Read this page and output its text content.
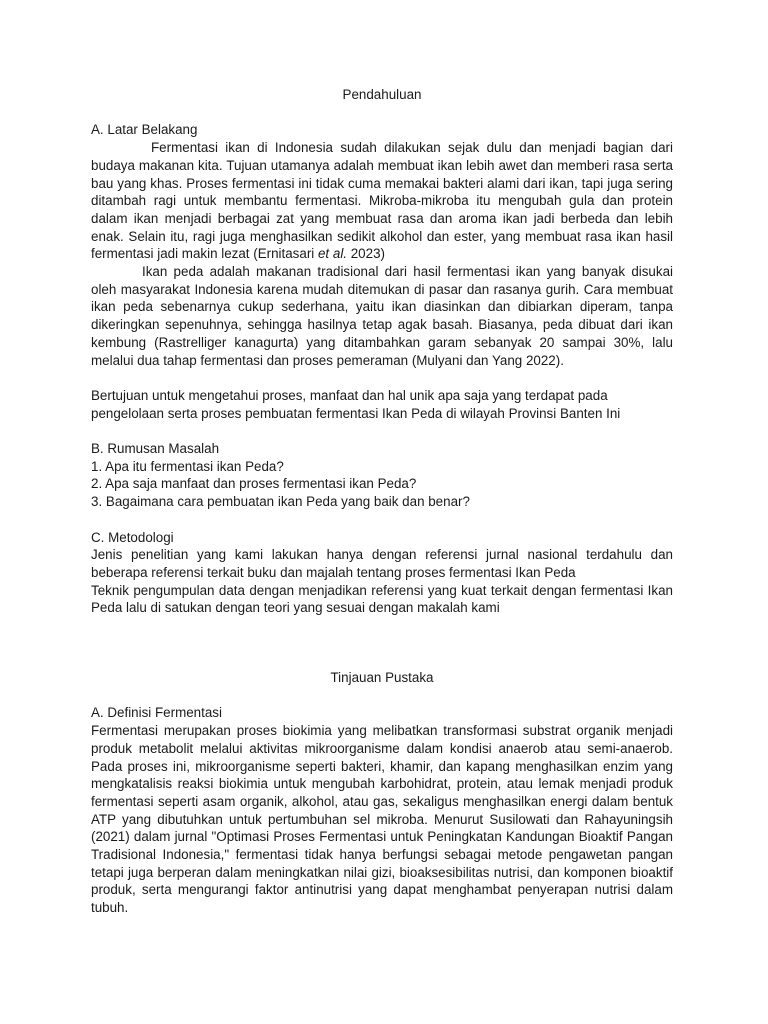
Pendahuluan

A. Latar Belakang

Fermentasi ikan di Indonesia sudah dilakukan sejak dulu dan menjadi bagian dari budaya makanan kita. Tujuan utamanya adalah membuat ikan lebih awet dan memberi rasa serta bau yang khas. Proses fermentasi ini tidak cuma memakai bakteri alami dari ikan, tapi juga sering ditambah ragi untuk membantu fermentasi. Mikroba-mikroba itu mengubah gula dan protein dalam ikan menjadi berbagai zat yang membuat rasa dan aroma ikan jadi berbeda dan lebih enak. Selain itu, ragi juga menghasilkan sedikit alkohol dan ester, yang membuat rasa ikan hasil fermentasi jadi makin lezat (Ernitasari et al. 2023)

Ikan peda adalah makanan tradisional dari hasil fermentasi ikan yang banyak disukai oleh masyarakat Indonesia karena mudah ditemukan di pasar dan rasanya gurih. Cara membuat ikan peda sebenarnya cukup sederhana, yaitu ikan diasinkan dan dibiarkan diperam, tanpa dikeringkan sepenuhnya, sehingga hasilnya tetap agak basah. Biasanya, peda dibuat dari ikan kembung (Rastrelliger kanagurta) yang ditambahkan garam sebanyak 20 sampai 30%, lalu melalui dua tahap fermentasi dan proses pemeraman (Mulyani dan Yang 2022).

Bertujuan untuk mengetahui proses, manfaat dan hal unik apa saja yang terdapat pada pengelolaan serta proses pembuatan fermentasi Ikan Peda di wilayah Provinsi Banten Ini

B. Rumusan Masalah

1. Apa itu fermentasi ikan Peda?
2. Apa saja manfaat dan proses fermentasi ikan Peda?
3. Bagaimana cara pembuatan ikan Peda yang baik dan benar?

C. Metodologi

Jenis penelitian yang kami lakukan hanya dengan referensi jurnal nasional terdahulu dan beberapa referensi terkait buku dan majalah tentang proses fermentasi Ikan Peda

Teknik pengumpulan data dengan menjadikan referensi yang kuat terkait dengan fermentasi Ikan Peda lalu di satukan dengan teori yang sesuai dengan makalah kami

Tinjauan Pustaka

A. Definisi Fermentasi

Fermentasi merupakan proses biokimia yang melibatkan transformasi substrat organik menjadi produk metabolit melalui aktivitas mikroorganisme dalam kondisi anaerob atau semi-anaerob. Pada proses ini, mikroorganisme seperti bakteri, khamir, dan kapang menghasilkan enzim yang mengkatalisis reaksi biokimia untuk mengubah karbohidrat, protein, atau lemak menjadi produk fermentasi seperti asam organik, alkohol, atau gas, sekaligus menghasilkan energi dalam bentuk ATP yang dibutuhkan untuk pertumbuhan sel mikroba. Menurut Susilowati dan Rahayuningsih (2021) dalam jurnal "Optimasi Proses Fermentasi untuk Peningkatan Kandungan Bioaktif Pangan Tradisional Indonesia," fermentasi tidak hanya berfungsi sebagai metode pengawetan pangan tetapi juga berperan dalam meningkatkan nilai gizi, bioaksesibilitas nutrisi, dan komponen bioaktif produk, serta mengurangi faktor antinutrisi yang dapat menghambat penyerapan nutrisi dalam tubuh.
